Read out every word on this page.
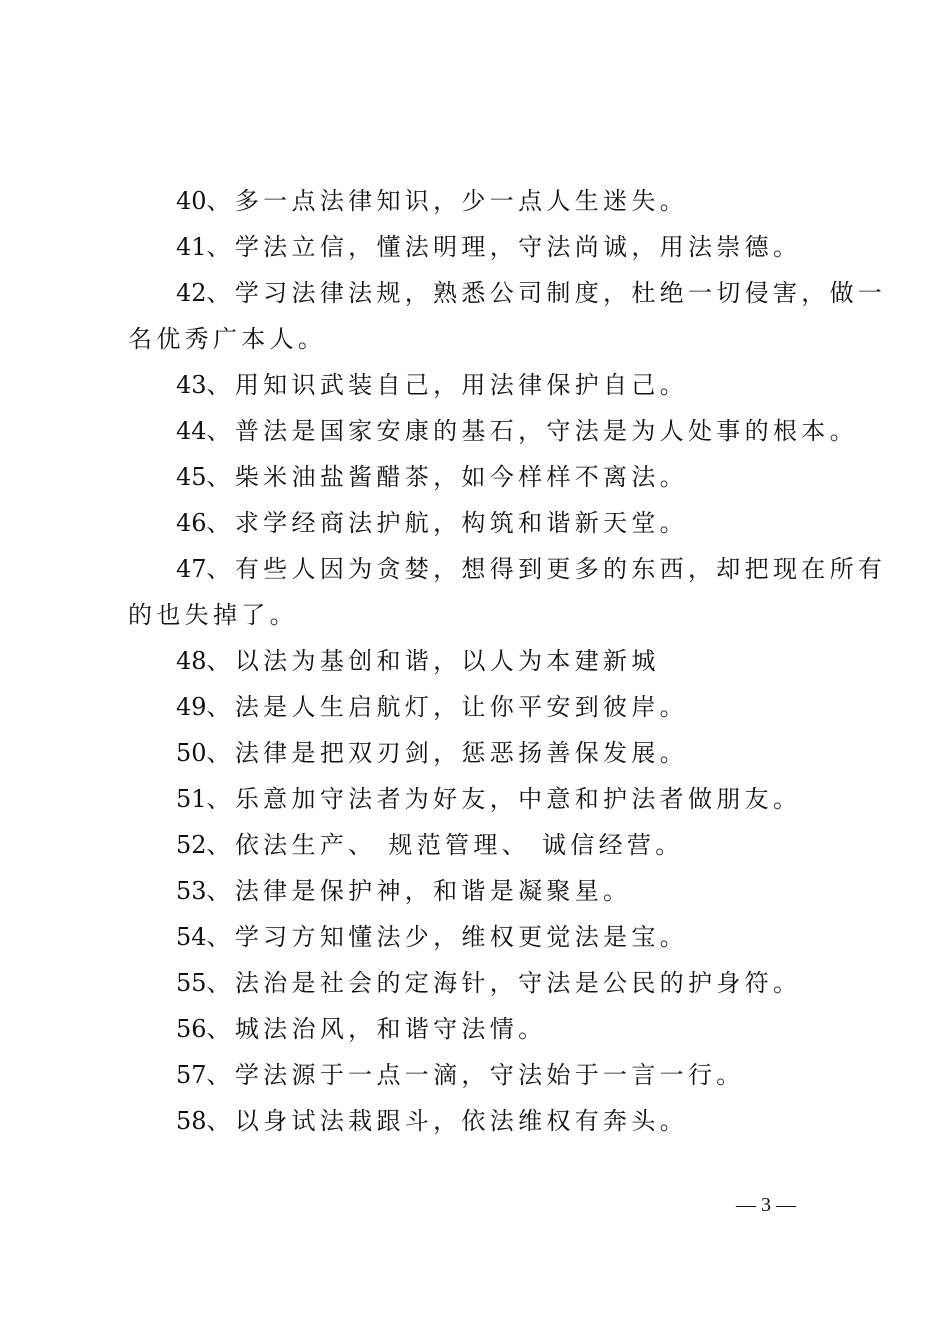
40、多一点法律知识，少一点人生迷失。
41、学法立信，懂法明理，守法尚诚，用法崇德。
42、学习法律法规，熟悉公司制度，杜绝一切侵害，做一
名优秀广本人。
43、用知识武装自己，用法律保护自己。
44、普法是国家安康的基石，守法是为人处事的根本。
45、柴米油盐酱醋茶，如今样样不离法。
46、求学经商法护航，构筑和谐新天堂。
47、有些人因为贪婪，想得到更多的东西，却把现在所有
的也失掉了。
48、以法为基创和谐，以人为本建新城
49、法是人生启航灯，让你平安到彼岸。
50、法律是把双刃剑，惩恶扬善保发展。
51、乐意加守法者为好友，中意和护法者做朋友。
52、依法生产、 规范管理、 诚信经营。
53、法律是保护神，和谐是凝聚星。
54、学习方知懂法少，维权更觉法是宝。
55、法治是社会的定海针，守法是公民的护身符。
56、城法治风，和谐守法情。
57、学法源于一点一滴，守法始于一言一行。
58、以身试法栽跟斗，依法维权有奔头。
— 3 —
